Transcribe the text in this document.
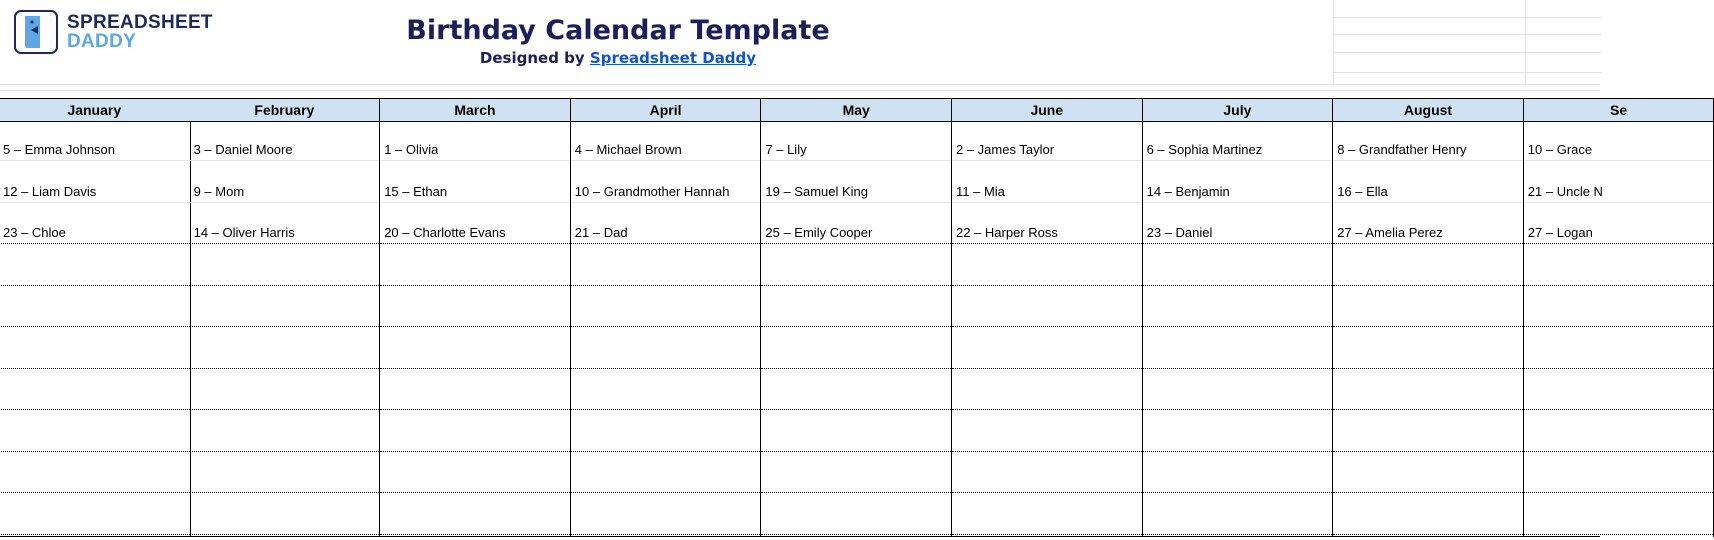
SPREADSHEET
DADDY	Birthday Calendar Template
Designed by Spreadsheet Daddy
January
5 – Emma Johnson
12 – Liam Davis
23 – Chloe
February
3 – Daniel Moore
9 – Mom
14 – Oliver Harris
March
1 – Olivia
15 – Ethan
20 – Charlotte Evans
April
4 – Michael Brown
10 – Grandmother Hannah
21 – Dad
May
7 – Lily
19 – Samuel King
25 – Emily Cooper
June
2 – James Taylor
11 – Mia
22 – Harper Ross
July
6 – Sophia Martinez
14 – Benjamin
23 – Daniel
August
8 – Grandfather Henry
16 – Ella
27 – Amelia Perez
Se
10 – Grace
21 – Uncle N
27 – Logan
